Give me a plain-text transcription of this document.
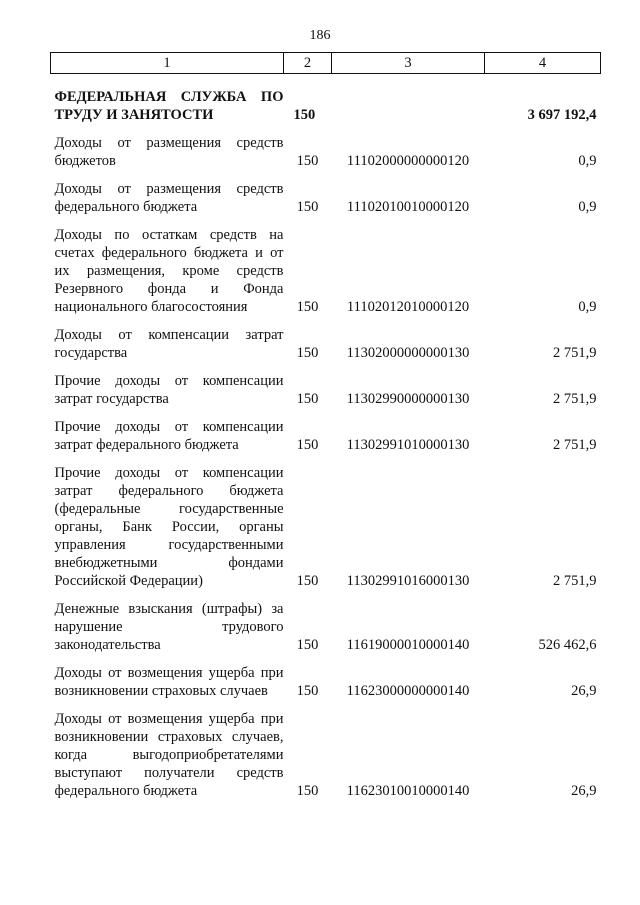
186
1	2	3	4
ФЕДЕРАЛЬНАЯ СЛУЖБА ПО ТРУДУ И ЗАНЯТОСТИ	150		3 697 192,4
Доходы от размещения средств бюджетов	150	11102000000000120	0,9
Доходы от размещения средств федерального бюджета	150	11102010010000120	0,9
Доходы по остаткам средств на счетах федерального бюджета и от их размещения, кроме средств Резервного фонда и Фонда национального благосостояния	150	11102012010000120	0,9
Доходы от компенсации затрат государства	150	11302000000000130	2 751,9
Прочие доходы от компенсации затрат государства	150	11302990000000130	2 751,9
Прочие доходы от компенсации затрат федерального бюджета	150	11302991010000130	2 751,9
Прочие доходы от компенсации затрат федерального бюджета (федеральные государственные органы, Банк России, органы управления государственными внебюджетными фондами Российской Федерации)	150	11302991016000130	2 751,9
Денежные взыскания (штрафы) за нарушение трудового законодательства	150	11619000010000140	526 462,6
Доходы от возмещения ущерба при возникновении страховых случаев	150	11623000000000140	26,9
Доходы от возмещения ущерба при возникновении страховых случаев, когда выгодоприобретателями выступают получатели средств федерального бюджета	150	11623010010000140	26,9
